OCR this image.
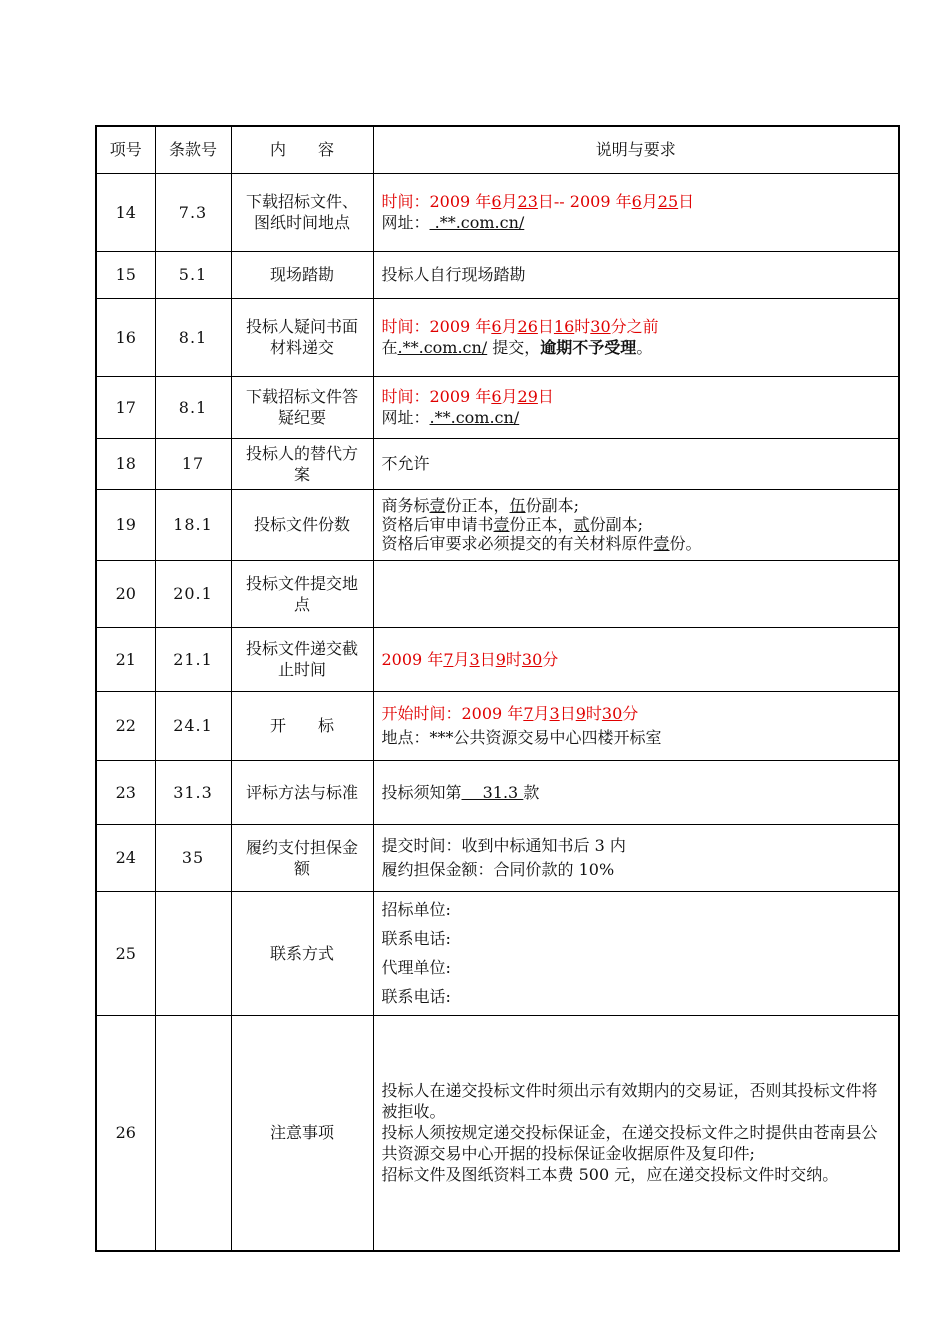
项号	条款号	内　　容	说明与要求
14	7.3	下载招标文件、图纸时间地点	时间：2009 年6月23日-- 2009 年6月25日
网址： .**.com.cn/

15	5.1	现场踏勘	投标人自行现场踏勘
16	8.1	投标人疑问书面材料递交	时间：2009 年6月26日16时30分之前
在.**.com.cn/ 提交，逾期不予受理。

17	8.1	下载招标文件答疑纪要	时间：2009 年6月29日
网址：.**.com.cn/

18	17	投标人的替代方案	不允许
19	18.1	投标文件份数	商务标壹份正本，伍份副本;
资格后审申请书壹份正本，贰份副本;
资格后审要求必须提交的有关材料原件壹份。

20	20.1	投标文件提交地点	
21	21.1	投标文件递交截止时间	2009 年7月3日9时30分
22	24.1	开　　标	开始时间：2009 年7月3日9时30分
地点：***公共资源交易中心四楼开标室

23	31.3	评标方法与标准	投标须知第　 31.3 款
24	35	履约支付担保金额	提交时间：收到中标通知书后 3 内
履约担保金额：合同价款的 10%

25		联系方式	招标单位:
联系电话:
代理单位:
联系电话:

26		注意事项	投标人在递交投标文件时须出示有效期内的交易证，否则其投标文件将被拒收。
投标人须按规定递交投标保证金，在递交投标文件之时提供由苍南县公共资源交易中心开据的投标保证金收据原件及复印件;
招标文件及图纸资料工本费 500 元，应在递交投标文件时交纳。
